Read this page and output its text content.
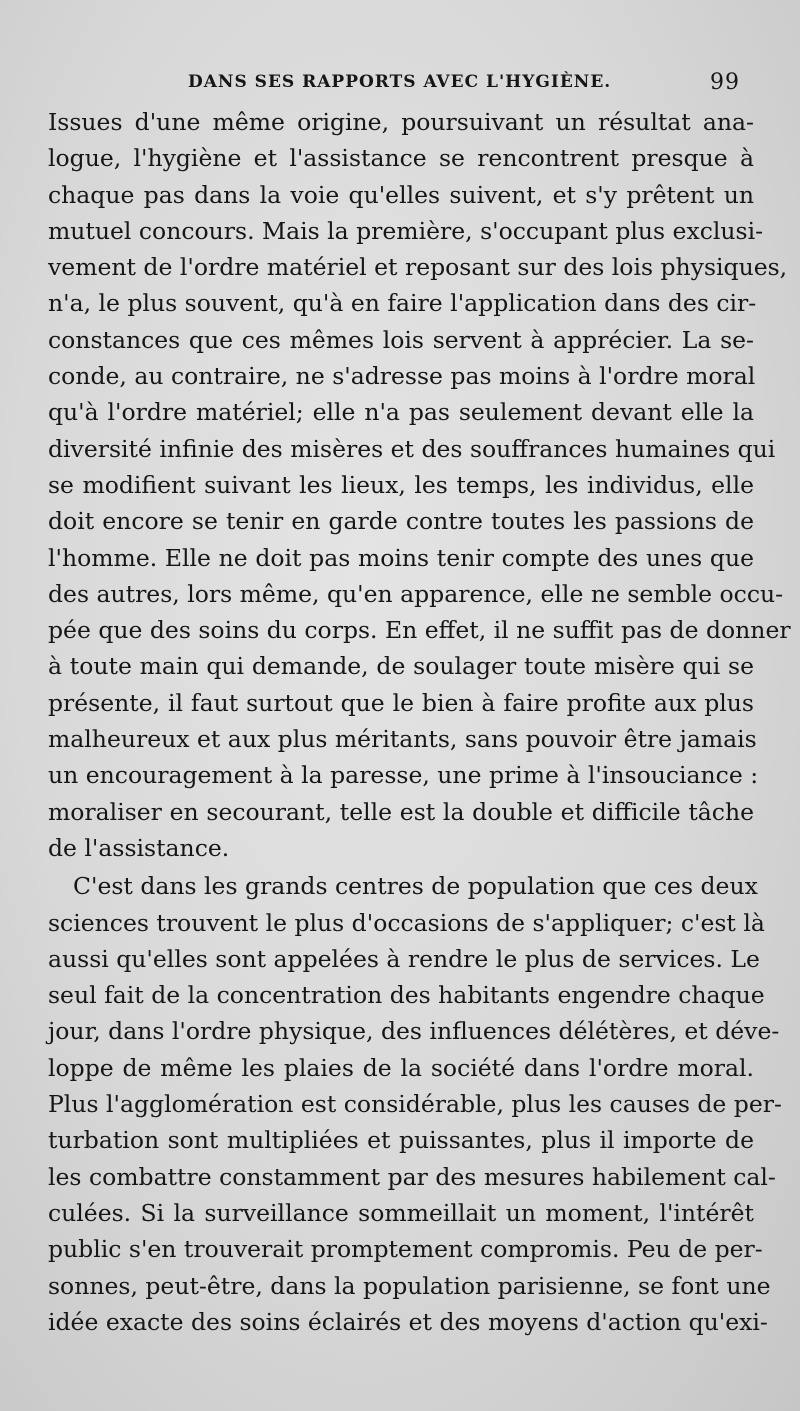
DANS SES RAPPORTS AVEC L'HYGIÈNE.	99
Issues d'une même origine, poursuivant un résultat ana-
logue, l'hygiène et l'assistance se rencontrent presque à
chaque pas dans la voie qu'elles suivent, et s'y prêtent un
mutuel concours. Mais la première, s'occupant plus exclusi-
vement de l'ordre matériel et reposant sur des lois physiques,
n'a, le plus souvent, qu'à en faire l'application dans des cir-
constances que ces mêmes lois servent à apprécier. La se-
conde, au contraire, ne s'adresse pas moins à l'ordre moral
qu'à l'ordre matériel; elle n'a pas seulement devant elle la
diversité infinie des misères et des souffrances humaines qui
se modifient suivant les lieux, les temps, les individus, elle
doit encore se tenir en garde contre toutes les passions de
l'homme. Elle ne doit pas moins tenir compte des unes que
des autres, lors même, qu'en apparence, elle ne semble occu-
pée que des soins du corps. En effet, il ne suffit pas de donner
à toute main qui demande, de soulager toute misère qui se
présente, il faut surtout que le bien à faire profite aux plus
malheureux et aux plus méritants, sans pouvoir être jamais
un encouragement à la paresse, une prime à l'insouciance :
moraliser en secourant, telle est la double et difficile tâche
de l'assistance.
C'est dans les grands centres de population que ces deux
sciences trouvent le plus d'occasions de s'appliquer; c'est là
aussi qu'elles sont appelées à rendre le plus de services. Le
seul fait de la concentration des habitants engendre chaque
jour, dans l'ordre physique, des influences délétères, et déve-
loppe de même les plaies de la société dans l'ordre moral.
Plus l'agglomération est considérable, plus les causes de per-
turbation sont multipliées et puissantes, plus il importe de
les combattre constamment par des mesures habilement cal-
culées. Si la surveillance sommeillait un moment, l'intérêt
public s'en trouverait promptement compromis. Peu de per-
sonnes, peut-être, dans la population parisienne, se font une
idée exacte des soins éclairés et des moyens d'action qu'exi-
